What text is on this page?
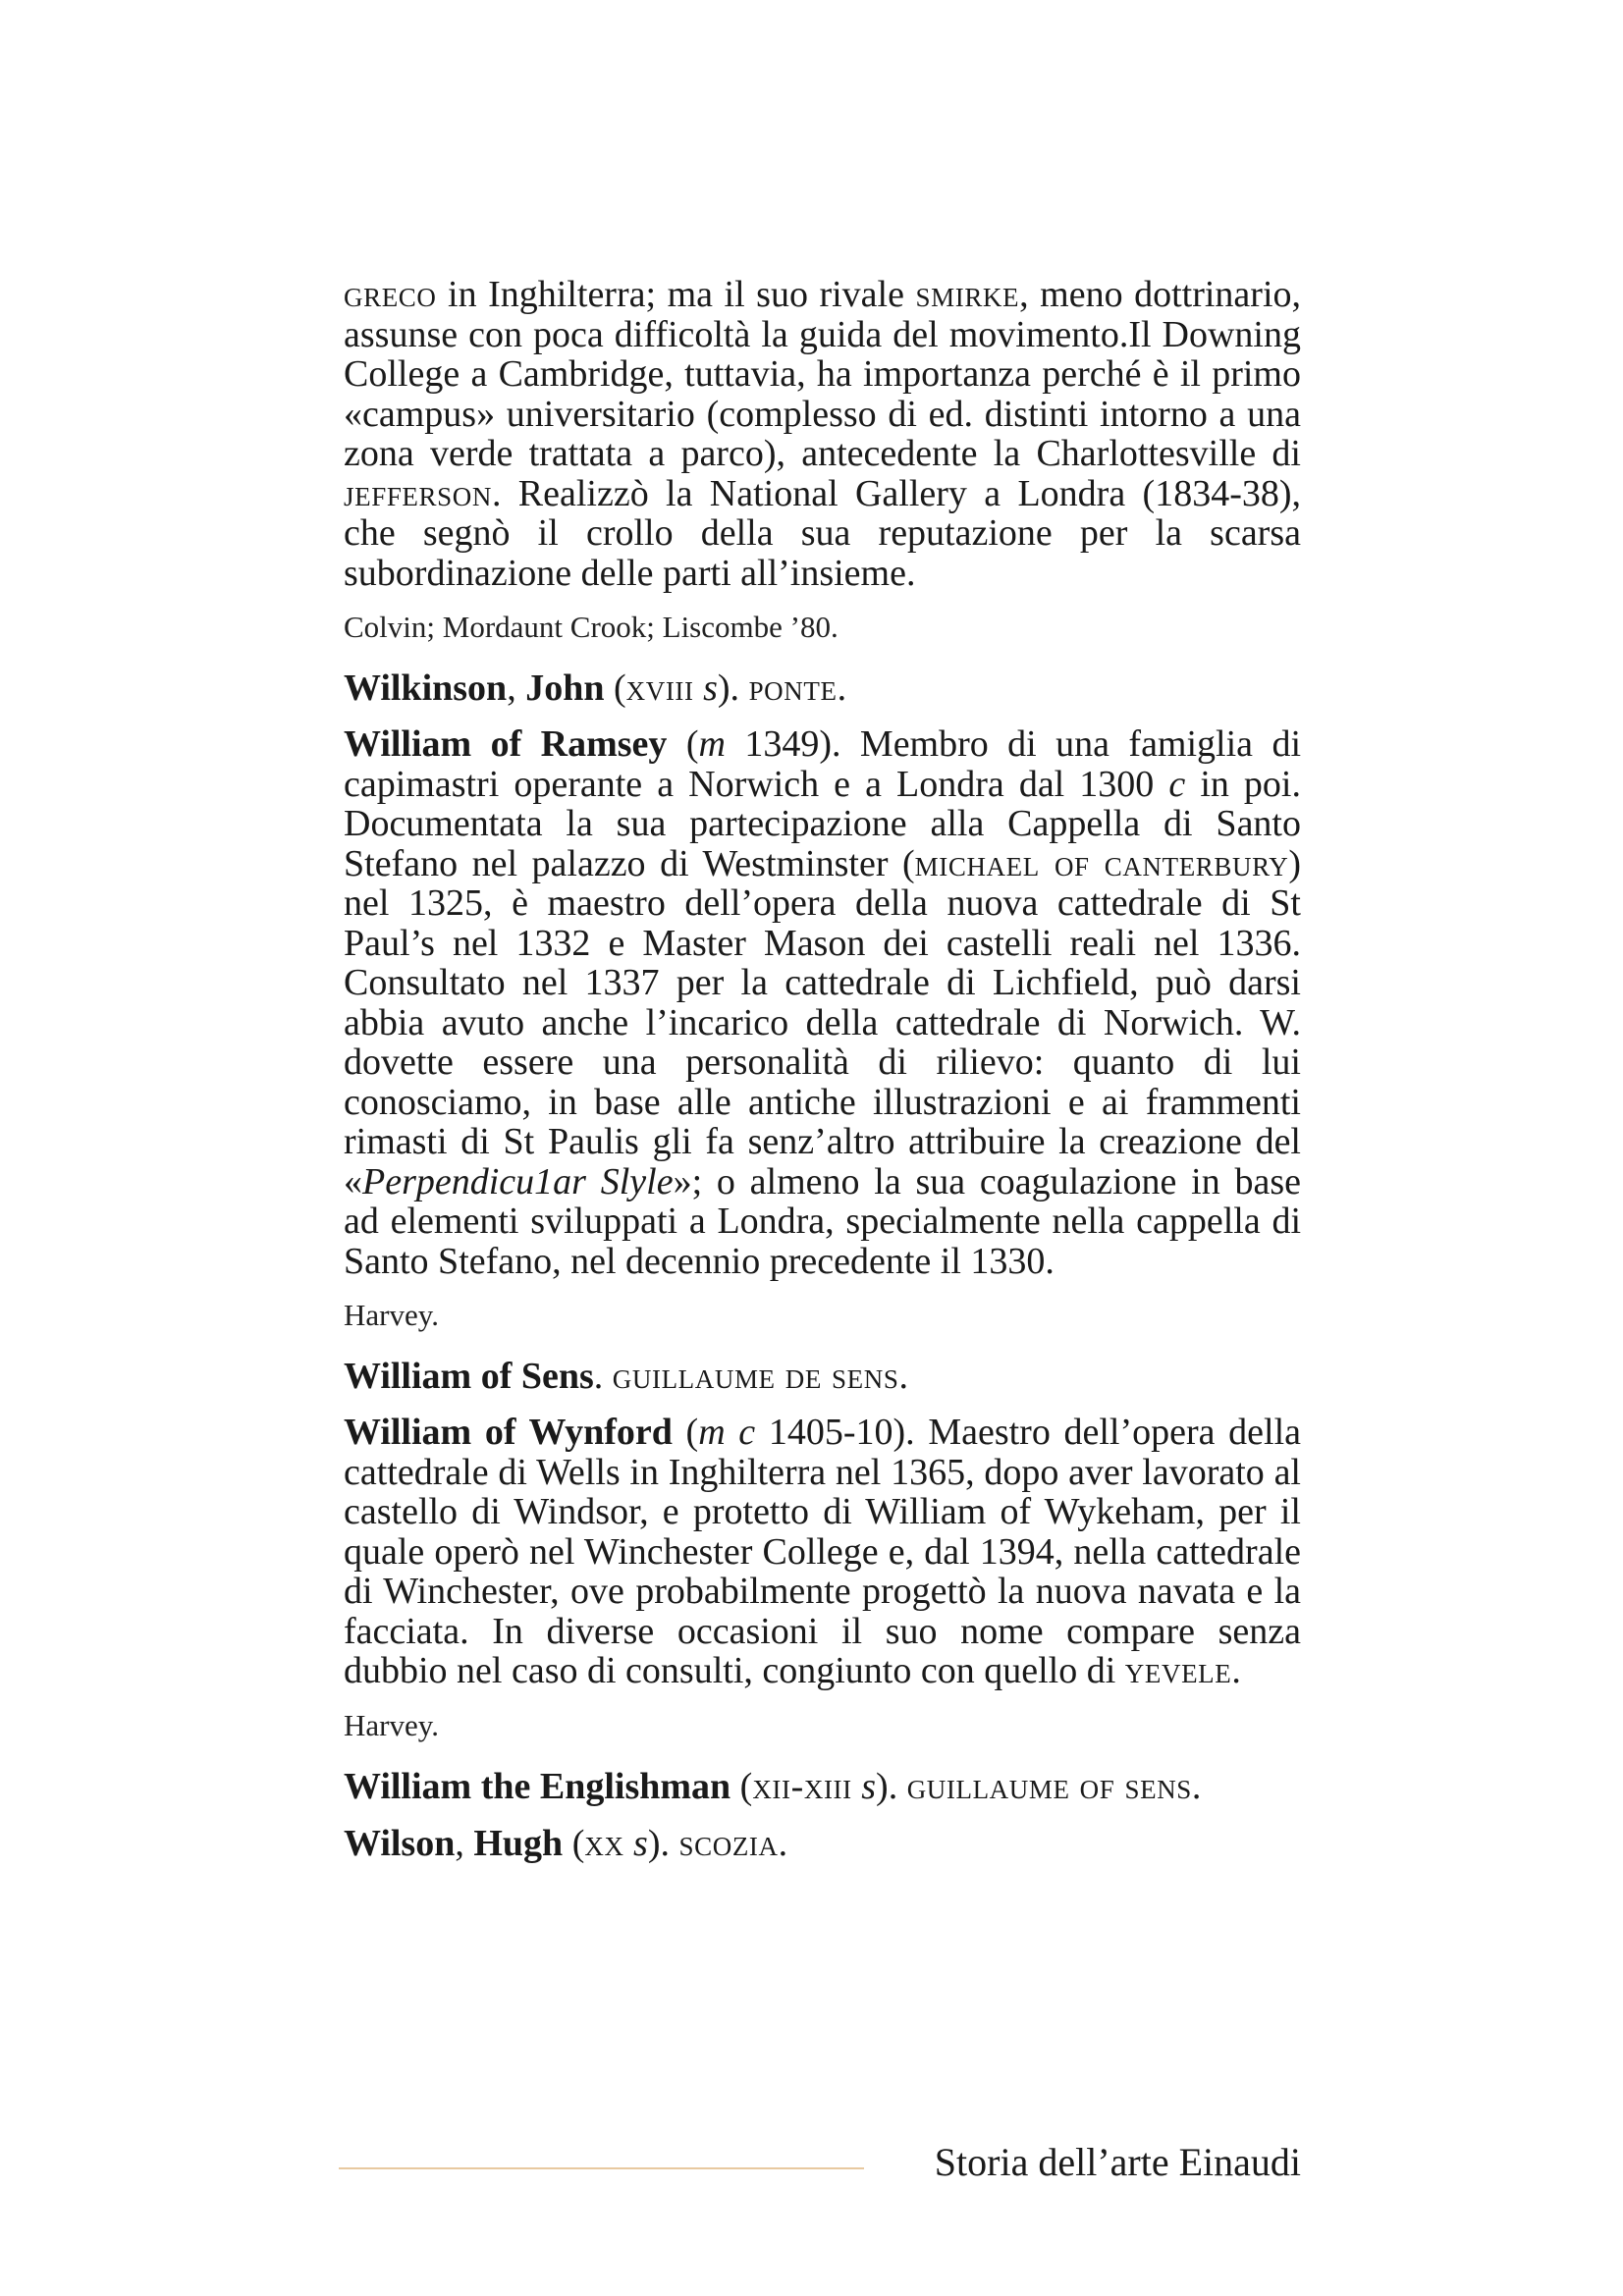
greco in Inghilterra; ma il suo rivale smirke, meno dottrinario, assunse con poca difficoltà la guida del movimento.Il Downing College a Cambridge, tuttavia, ha importanza perché è il primo «campus» universitario (complesso di ed. distinti intorno a una zona verde trattata a parco), antecedente la Charlottesville di jefferson. Realizzò la National Gallery a Londra (1834-38), che segnò il crollo della sua reputazione per la scarsa subordinazione delle parti all’insieme.

Colvin; Mordaunt Crook; Liscombe ’80.

Wilkinson, John (xviii s). ponte.

William of Ramsey (m 1349). Membro di una famiglia di capimastri operante a Norwich e a Londra dal 1300 c in poi. Documentata la sua partecipazione alla Cappella di Santo Stefano nel palazzo di Westminster (michael of canterbury) nel 1325, è maestro dell’opera della nuova cattedrale di St Paul’s nel 1332 e Master Mason dei castelli reali nel 1336. Consultato nel 1337 per la cattedrale di Lichfield, può darsi abbia avuto anche l’incarico della cattedrale di Norwich. W. dovette essere una personalità di rilievo: quanto di lui conosciamo, in base alle antiche illustrazioni e ai frammenti rimasti di St Paulis gli fa senz’altro attribuire la creazione del «Perpendicu1ar Slyle»; o almeno la sua coagulazione in base ad elementi sviluppati a Londra, specialmente nella cappella di Santo Stefano, nel decennio precedente il 1330.

Harvey.

William of Sens. guillaume de sens.

William of Wynford (m c 1405-10). Maestro dell’opera della cattedrale di Wells in Inghilterra nel 1365, dopo aver lavorato al castello di Windsor, e protetto di William of Wykeham, per il quale operò nel Winchester College e, dal 1394, nella cattedrale di Winchester, ove probabilmente progettò la nuova navata e la facciata. In diverse occasioni il suo nome compare senza dubbio nel caso di consulti, congiunto con quello di yevele.

Harvey.

William the Englishman (xii-xiii s). guillaume of sens.

Wilson, Hugh (xx s). scozia.

Storia dell’arte Einaudi
